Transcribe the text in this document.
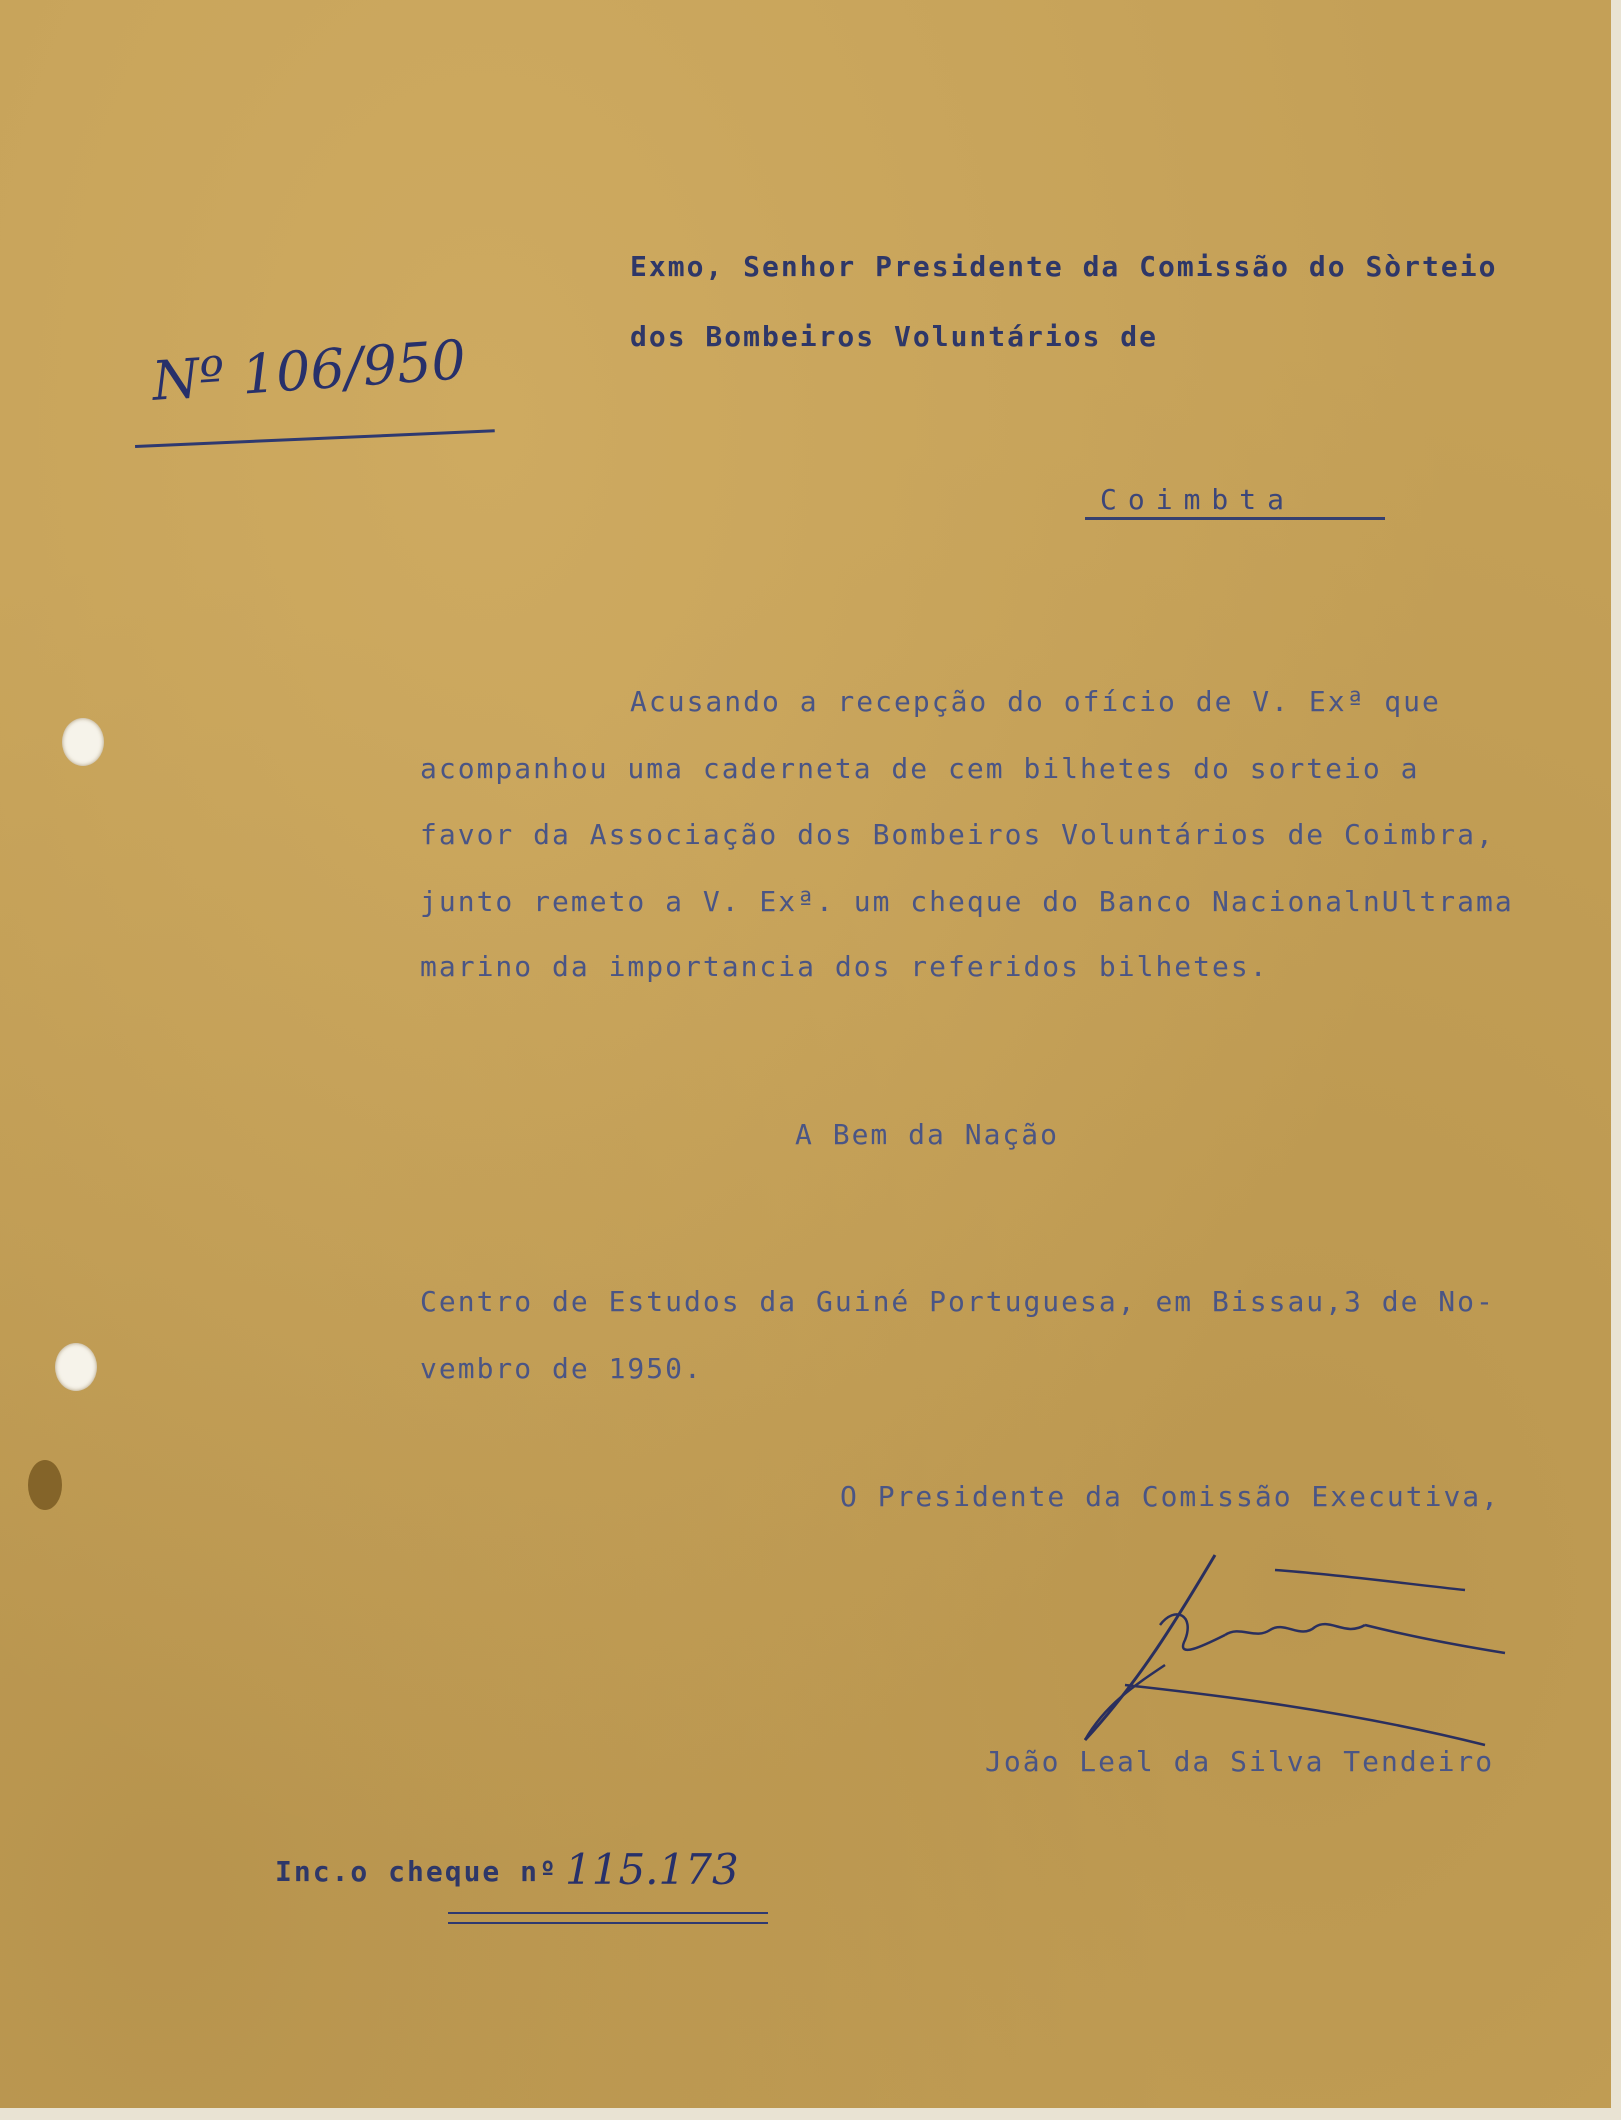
Nº 106/950
Exmo, Senhor Presidente da Comissão do Sòrteio
dos Bombeiros Voluntários de
Coimbta
Acusando a recepção do ofício de V. Exª que
acompanhou uma caderneta de cem bilhetes do sorteio a
favor da Associação dos Bombeiros Voluntários de Coimbra,
junto remeto a V. Exª. um cheque do Banco NacionalnUltrama
marino da importancia dos referidos bilhetes.
A Bem da Nação
Centro de Estudos da Guiné Portuguesa, em Bissau,3 de No-
vembro de 1950.
O Presidente da Comissão Executiva,
João Leal da Silva Tendeiro
Inc.o cheque nº 115.173
